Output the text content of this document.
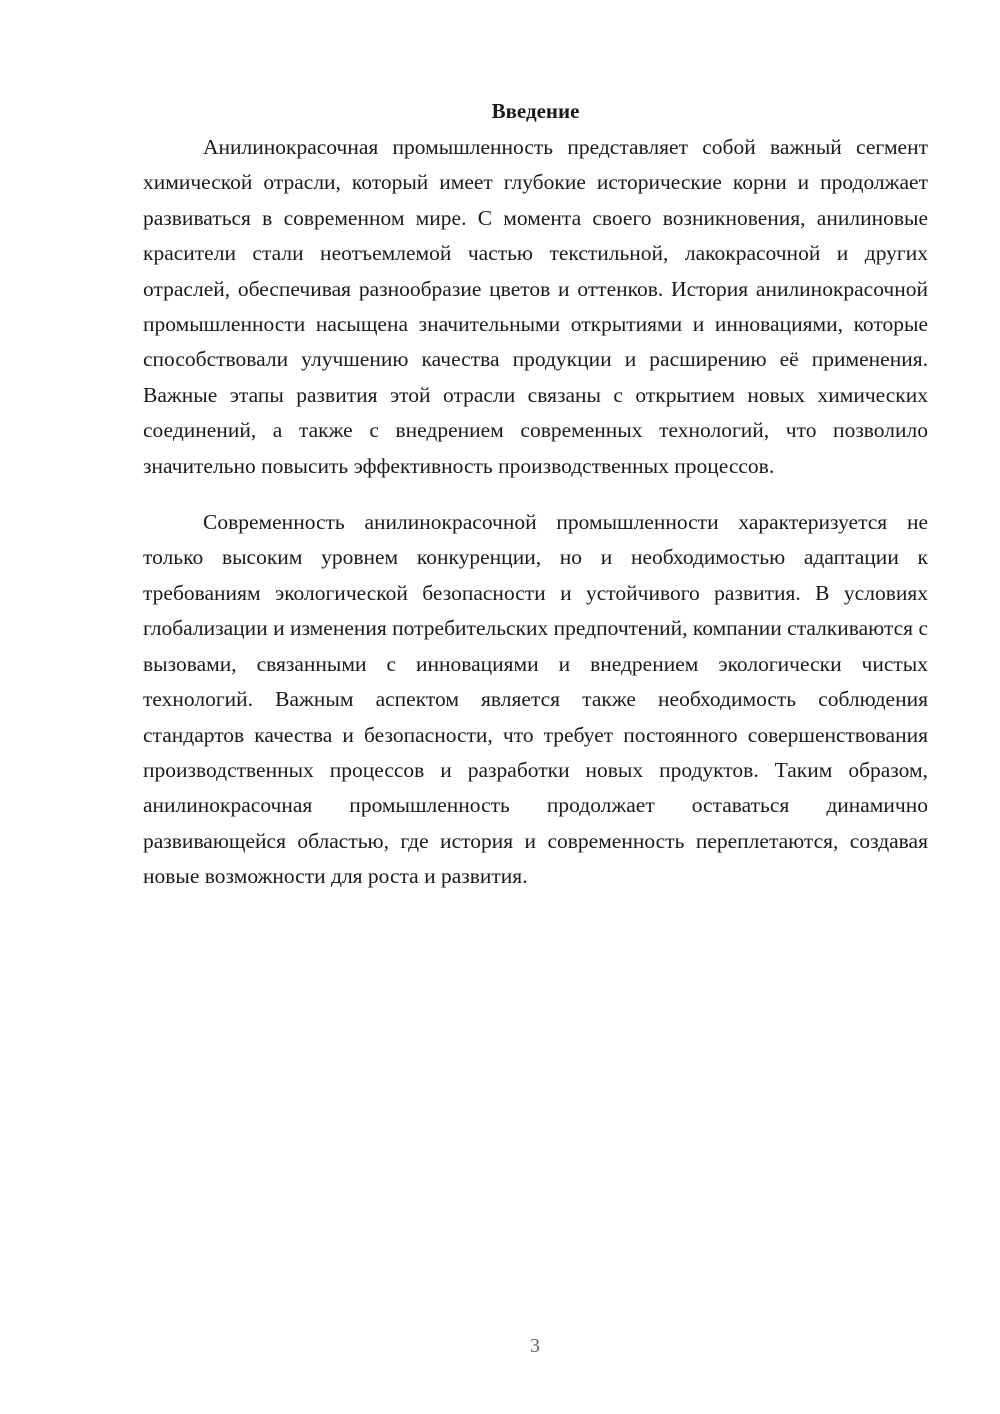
Введение

Анилинокрасочная промышленность представляет собой важный сегмент химической отрасли, который имеет глубокие исторические корни и продолжает развиваться в современном мире. С момента своего возникновения, анилиновые красители стали неотъемлемой частью текстильной, лакокрасочной и других отраслей, обеспечивая разнообразие цветов и оттенков. История анилинокрасочной промышленности насыщена значительными открытиями и инновациями, которые способствовали улучшению качества продукции и расширению её применения. Важные этапы развития этой отрасли связаны с открытием новых химических соединений, а также с внедрением современных технологий, что позволило значительно повысить эффективность производственных процессов.

Современность анилинокрасочной промышленности характеризуется не только высоким уровнем конкуренции, но и необходимостью адаптации к требованиям экологической безопасности и устойчивого развития. В условиях глобализации и изменения потребительских предпочтений, компании сталкиваются с вызовами, связанными с инновациями и внедрением экологически чистых технологий. Важным аспектом является также необходимость соблюдения стандартов качества и безопасности, что требует постоянного совершенствования производственных процессов и разработки новых продуктов. Таким образом, анилинокрасочная промышленность продолжает оставаться динамично развивающейся областью, где история и современность переплетаются, создавая новые возможности для роста и развития.

3
